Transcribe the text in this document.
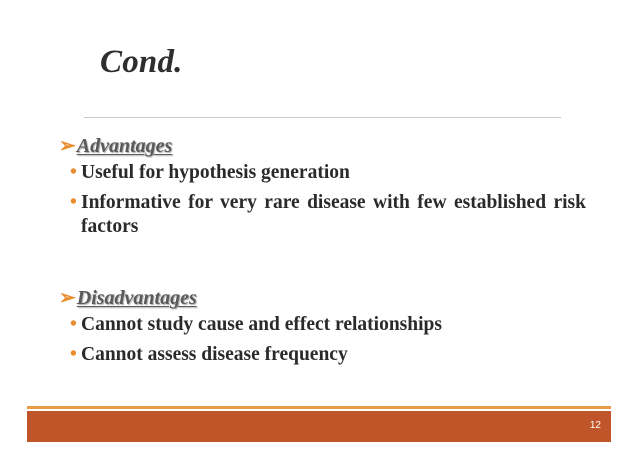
Cond.
➢Advantages
• Useful for hypothesis generation
• Informative for very rare disease with few established risk factors
➢Disadvantages
• Cannot study cause and effect relationships
• Cannot assess disease frequency
12
